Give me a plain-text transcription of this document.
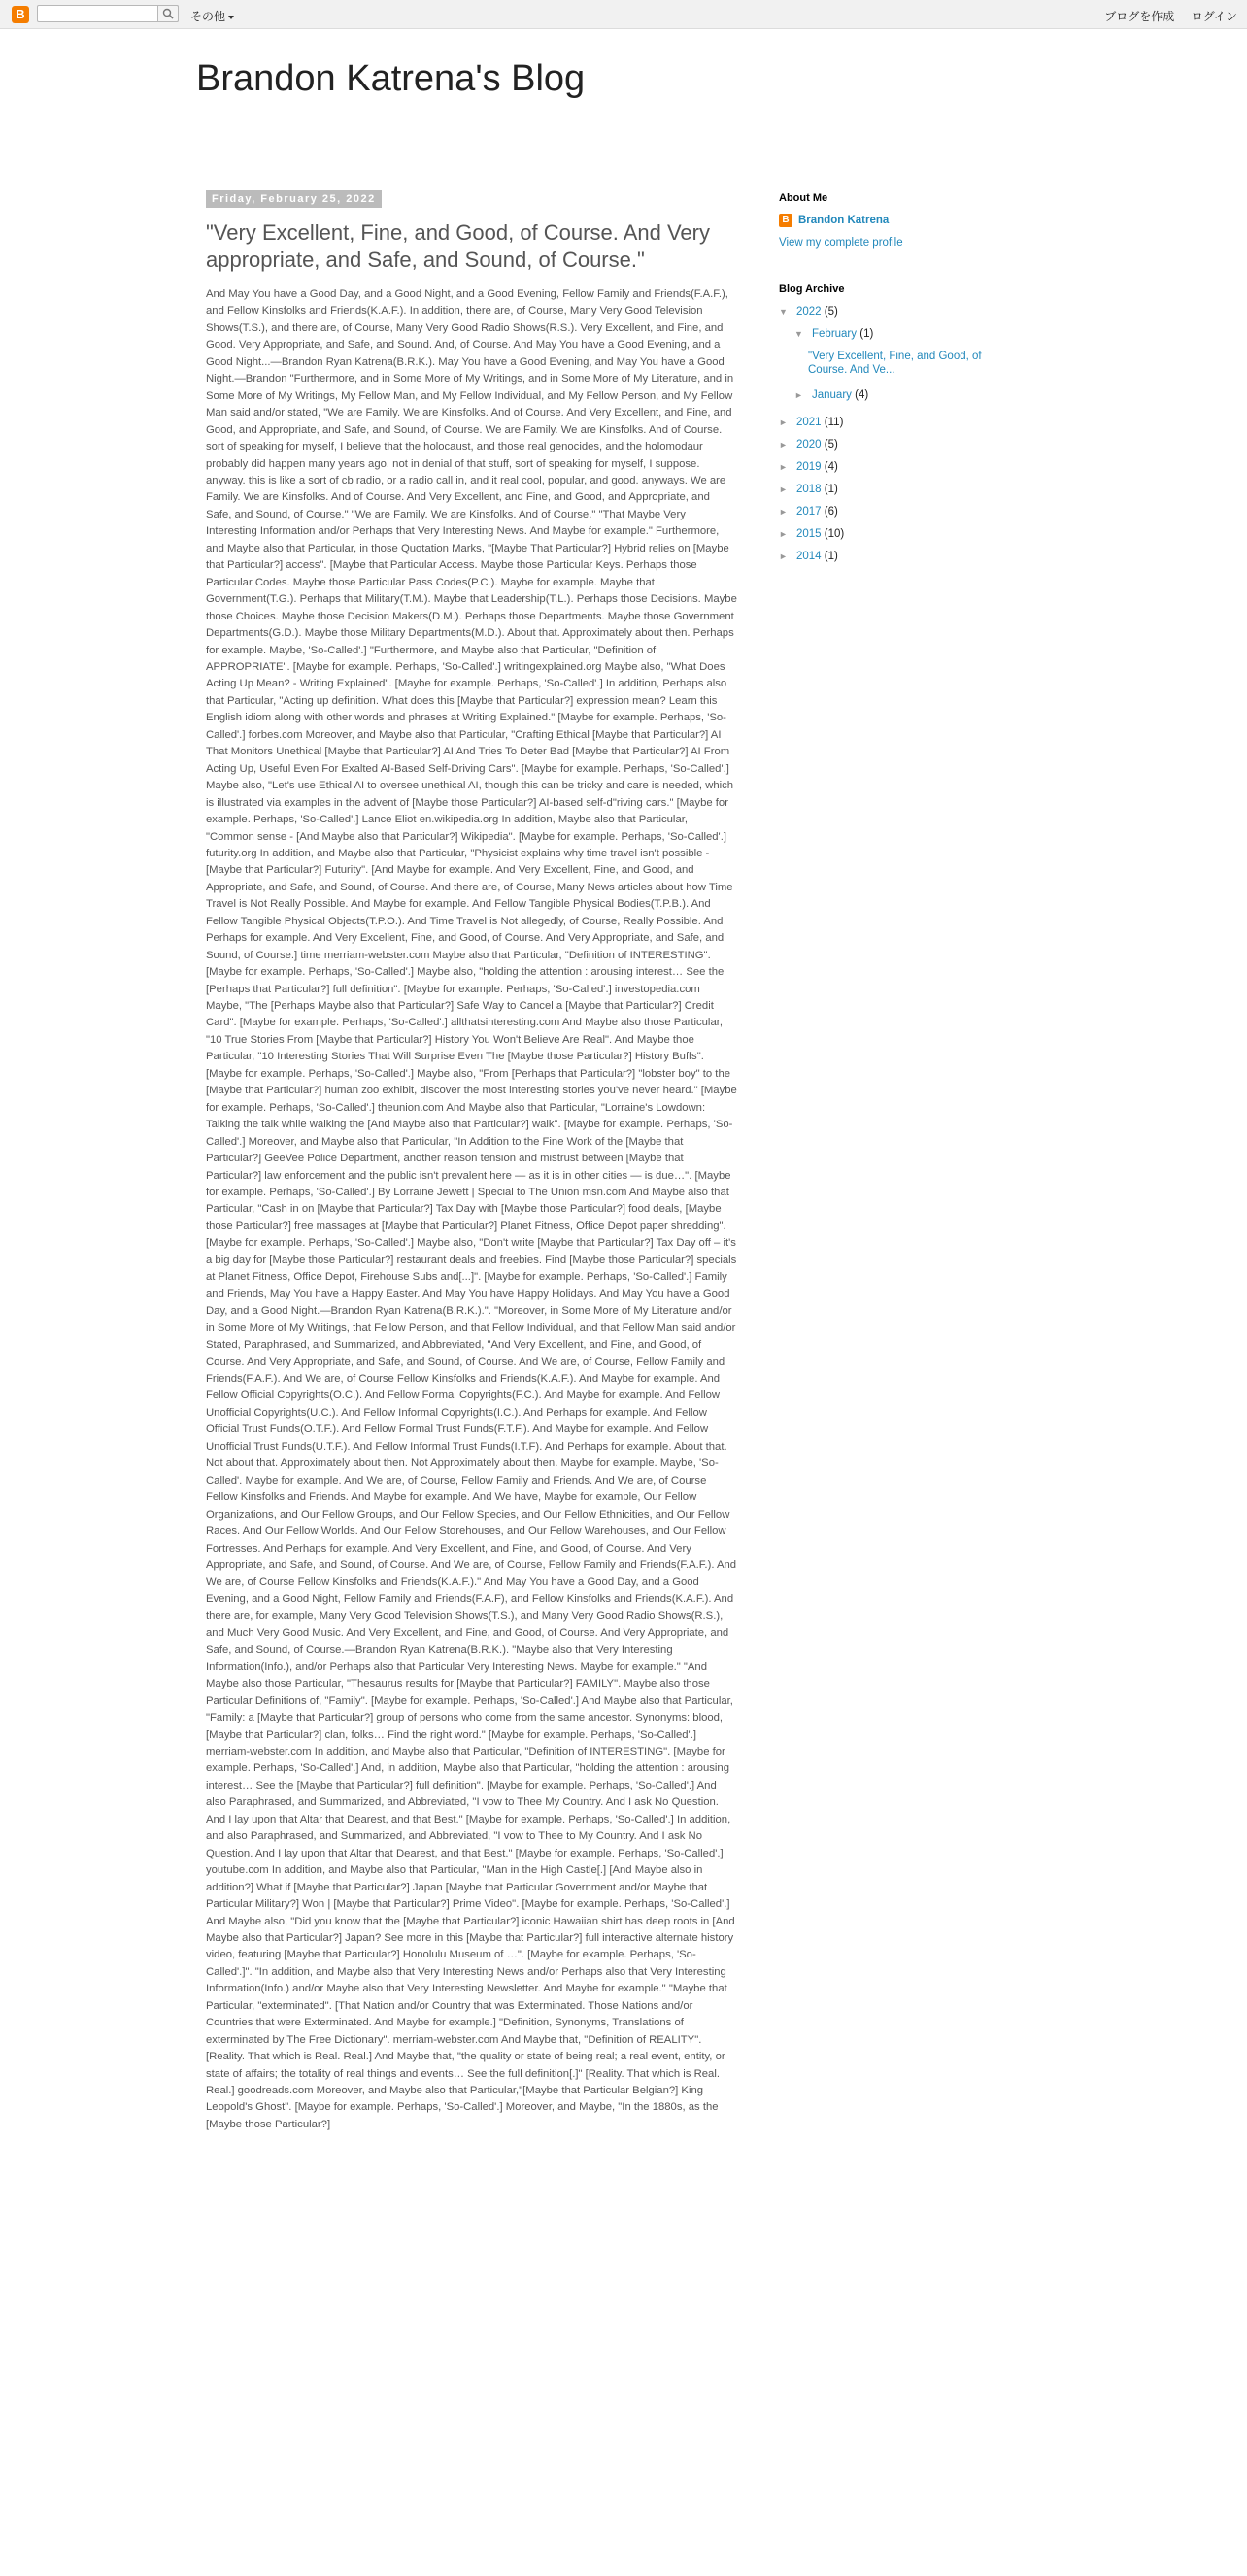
B	その他	ブログを作成 ログイン
Brandon Katrena's Blog
Friday, February 25, 2022
"Very Excellent, Fine, and Good, of Course. And Very appropriate, and Safe, and Sound, of Course."
And May You have a Good Day, and a Good Night, and a Good Evening, Fellow Family and Friends(F.A.F.), and Fellow Kinsfolks and Friends(K.A.F.). In addition, there are, of Course, Many Very Good Television Shows(T.S.), and there are, of Course, Many Very Good Radio Shows(R.S.). Very Excellent, and Fine, and Good. Very Appropriate, and Safe, and Sound. And, of Course. And May You have a Good Evening, and a Good Night...—Brandon Ryan Katrena(B.R.K.). May You have a Good Evening, and May You have a Good Night.—Brandon "Furthermore, and in Some More of My Writings, and in Some More of My Literature, and in Some More of My Writings, My Fellow Man, and My Fellow Individual, and My Fellow Person, and My Fellow Man said and/or stated, "We are Family. We are Kinsfolks. And of Course. And Very Excellent, and Fine, and Good, and Appropriate, and Safe, and Sound, of Course. We are Family. We are Kinsfolks. And of Course. sort of speaking for myself, I believe that the holocaust, and those real genocides, and the holomodaur probably did happen many years ago. not in denial of that stuff, sort of speaking for myself, I suppose. anyway. this is like a sort of cb radio, or a radio call in, and it real cool, popular, and good. anyways. We are Family. We are Kinsfolks. And of Course. And Very Excellent, and Fine, and Good, and Appropriate, and Safe, and Sound, of Course." "We are Family. We are Kinsfolks. And of Course." "That Maybe Very Interesting Information and/or Perhaps that Very Interesting News. And Maybe for example." Furthermore, and Maybe also that Particular, in those Quotation Marks, "[Maybe That Particular?] Hybrid relies on [Maybe that Particular?] access". [Maybe that Particular Access. Maybe those Particular Keys. Perhaps those Particular Codes. Maybe those Particular Pass Codes(P.C.). Maybe for example. Maybe that Government(T.G.). Perhaps that Military(T.M.). Maybe that Leadership(T.L.). Perhaps those Decisions. Maybe those Choices. Maybe those Decision Makers(D.M.). Perhaps those Departments. Maybe those Government Departments(G.D.). Maybe those Military Departments(M.D.). About that. Approximately about then. Perhaps for example. Maybe, 'So-Called'.] "Furthermore, and Maybe also that Particular, "Definition of APPROPRIATE". [Maybe for example. Perhaps, 'So-Called'.] writingexplained.org Maybe also, "What Does Acting Up Mean? - Writing Explained". [Maybe for example. Perhaps, 'So-Called'.] In addition, Perhaps also that Particular, "Acting up definition. What does this [Maybe that Particular?] expression mean? Learn this English idiom along with other words and phrases at Writing Explained." [Maybe for example. Perhaps, 'So-Called'.] forbes.com Moreover, and Maybe also that Particular, "Crafting Ethical [Maybe that Particular?] AI That Monitors Unethical [Maybe that Particular?] AI And Tries To Deter Bad [Maybe that Particular?] AI From Acting Up, Useful Even For Exalted AI-Based Self-Driving Cars". [Maybe for example. Perhaps, 'So-Called'.] Maybe also, "Let's use Ethical AI to oversee unethical AI, though this can be tricky and care is needed, which is illustrated via examples in the advent of [Maybe those Particular?] AI-based self-d"riving cars." [Maybe for example. Perhaps, 'So-Called'.] Lance Eliot en.wikipedia.org In addition, Maybe also that Particular, "Common sense - [And Maybe also that Particular?] Wikipedia". [Maybe for example. Perhaps, 'So-Called'.] futurity.org In addition, and Maybe also that Particular, "Physicist explains why time travel isn't possible - [Maybe that Particular?] Futurity". [And Maybe for example. And Very Excellent, Fine, and Good, and Appropriate, and Safe, and Sound, of Course. And there are, of Course, Many News articles about how Time Travel is Not Really Possible. And Maybe for example. And Fellow Tangible Physical Bodies(T.P.B.). And Fellow Tangible Physical Objects(T.P.O.). And Time Travel is Not allegedly, of Course, Really Possible. And Perhaps for example. And Very Excellent, Fine, and Good, of Course. And Very Appropriate, and Safe, and Sound, of Course.] time merriam-webster.com Maybe also that Particular, "Definition of INTERESTING". [Maybe for example. Perhaps, 'So-Called'.] Maybe also, "holding the attention : arousing interest… See the [Perhaps that Particular?] full definition". [Maybe for example. Perhaps, 'So-Called'.] investopedia.com Maybe, "The [Perhaps Maybe also that Particular?] Safe Way to Cancel a [Maybe that Particular?] Credit Card". [Maybe for example. Perhaps, 'So-Called'.] allthatsinteresting.com And Maybe also those Particular, "10 True Stories From [Maybe that Particular?] History You Won't Believe Are Real". And Maybe thoe Particular, "10 Interesting Stories That Will Surprise Even The [Maybe those Particular?] History Buffs". [Maybe for example. Perhaps, 'So-Called'.] Maybe also, "From [Perhaps that Particular?] "lobster boy" to the [Maybe that Particular?] human zoo exhibit, discover the most interesting stories you've never heard." [Maybe for example. Perhaps, 'So-Called'.] theunion.com And Maybe also that Particular, "Lorraine's Lowdown: Talking the talk while walking the [And Maybe also that Particular?] walk". [Maybe for example. Perhaps, 'So-Called'.] Moreover, and Maybe also that Particular, "In Addition to the Fine Work of the [Maybe that Particular?] GeeVee Police Department, another reason tension and mistrust between [Maybe that Particular?] law enforcement and the public isn't prevalent here — as it is in other cities — is due…". [Maybe for example. Perhaps, 'So-Called'.] By Lorraine Jewett | Special to The Union msn.com And Maybe also that Particular, "Cash in on [Maybe that Particular?] Tax Day with [Maybe those Particular?] food deals, [Maybe those Particular?] free massages at [Maybe that Particular?] Planet Fitness, Office Depot paper shredding". [Maybe for example. Perhaps, 'So-Called'.] Maybe also, "Don't write [Maybe that Particular?] Tax Day off – it's a big day for [Maybe those Particular?] restaurant deals and freebies. Find [Maybe those Particular?] specials at Planet Fitness, Office Depot, Firehouse Subs and[...]". [Maybe for example. Perhaps, 'So-Called'.] Family and Friends, May You have a Happy Easter. And May You have Happy Holidays. And May You have a Good Day, and a Good Night.—Brandon Ryan Katrena(B.R.K.).". "Moreover, in Some More of My Literature and/or in Some More of My Writings, that Fellow Person, and that Fellow Individual, and that Fellow Man said and/or Stated, Paraphrased, and Summarized, and Abbreviated, "And Very Excellent, and Fine, and Good, of Course. And Very Appropriate, and Safe, and Sound, of Course. And We are, of Course, Fellow Family and Friends(F.A.F.). And We are, of Course Fellow Kinsfolks and Friends(K.A.F.). And Maybe for example. And Fellow Official Copyrights(O.C.). And Fellow Formal Copyrights(F.C.). And Maybe for example. And Fellow Unofficial Copyrights(U.C.). And Fellow Informal Copyrights(I.C.). And Perhaps for example. And Fellow Official Trust Funds(O.T.F.). And Fellow Formal Trust Funds(F.T.F.). And Maybe for example. And Fellow Unofficial Trust Funds(U.T.F.). And Fellow Informal Trust Funds(I.T.F). And Perhaps for example. About that. Not about that. Approximately about then. Not Approximately about then. Maybe for example. Maybe, 'So-Called'. Maybe for example. And We are, of Course, Fellow Family and Friends. And We are, of Course Fellow Kinsfolks and Friends. And Maybe for example. And We have, Maybe for example, Our Fellow Organizations, and Our Fellow Groups, and Our Fellow Species, and Our Fellow Ethnicities, and Our Fellow Races. And Our Fellow Worlds. And Our Fellow Storehouses, and Our Fellow Warehouses, and Our Fellow Fortresses. And Perhaps for example. And Very Excellent, and Fine, and Good, of Course. And Very Appropriate, and Safe, and Sound, of Course. And We are, of Course, Fellow Family and Friends(F.A.F.). And We are, of Course Fellow Kinsfolks and Friends(K.A.F.)." And May You have a Good Day, and a Good Evening, and a Good Night, Fellow Family and Friends(F.A.F), and Fellow Kinsfolks and Friends(K.A.F.). And there are, for example, Many Very Good Television Shows(T.S.), and Many Very Good Radio Shows(R.S.), and Much Very Good Music. And Very Excellent, and Fine, and Good, of Course. And Very Appropriate, and Safe, and Sound, of Course.—Brandon Ryan Katrena(B.R.K.). "Maybe also that Very Interesting Information(Info.), and/or Perhaps also that Particular Very Interesting News. Maybe for example." "And Maybe also those Particular, "Thesaurus results for [Maybe that Particular?] FAMILY". Maybe also those Particular Definitions of, "Family". [Maybe for example. Perhaps, 'So-Called'.] And Maybe also that Particular, "Family: a [Maybe that Particular?] group of persons who come from the same ancestor. Synonyms: blood, [Maybe that Particular?] clan, folks… Find the right word." [Maybe for example. Perhaps, 'So-Called'.] merriam-webster.com In addition, and Maybe also that Particular, "Definition of INTERESTING". [Maybe for example. Perhaps, 'So-Called'.] And, in addition, Maybe also that Particular, "holding the attention : arousing interest… See the [Maybe that Particular?] full definition". [Maybe for example. Perhaps, 'So-Called'.] And also Paraphrased, and Summarized, and Abbreviated, "I vow to Thee My Country. And I ask No Question. And I lay upon that Altar that Dearest, and that Best." [Maybe for example. Perhaps, 'So-Called'.] In addition, and also Paraphrased, and Summarized, and Abbreviated, "I vow to Thee to My Country. And I ask No Question. And I lay upon that Altar that Dearest, and that Best." [Maybe for example. Perhaps, 'So-Called'.] youtube.com In addition, and Maybe also that Particular, "Man in the High Castle[.] [And Maybe also in addition?] What if [Maybe that Particular?] Japan [Maybe that Particular Government and/or Maybe that Particular Military?] Won | [Maybe that Particular?] Prime Video". [Maybe for example. Perhaps, 'So-Called'.] And Maybe also, "Did you know that the [Maybe that Particular?] iconic Hawaiian shirt has deep roots in [And Maybe also that Particular?] Japan? See more in this [Maybe that Particular?] full interactive alternate history video, featuring [Maybe that Particular?] Honolulu Museum of …". [Maybe for example. Perhaps, 'So-Called'.]". "In addition, and Maybe also that Very Interesting News and/or Perhaps also that Very Interesting Information(Info.) and/or Maybe also that Very Interesting Newsletter. And Maybe for example." "Maybe that Particular, "exterminated". [That Nation and/or Country that was Exterminated. Those Nations and/or Countries that were Exterminated. And Maybe for example.] "Definition, Synonyms, Translations of exterminated by The Free Dictionary". merriam-webster.com And Maybe that, "Definition of REALITY". [Reality. That which is Real. Real.] And Maybe that, "the quality or state of being real; a real event, entity, or state of affairs; the totality of real things and events… See the full definition[.]" [Reality. That which is Real. Real.] goodreads.com Moreover, and Maybe also that Particular,"[Maybe that Particular Belgian?] King Leopold's Ghost". [Maybe for example. Perhaps, 'So-Called'.] Moreover, and Maybe, "In the 1880s, as the [Maybe those Particular?]
About Me
B Brandon Katrena
View my complete profile
Blog Archive
▼ 2022 (5)
▼ February (1)
"Very Excellent, Fine, and Good, of Course. And Ve...
► January (4)
► 2021 (11)
► 2020 (5)
► 2019 (4)
► 2018 (1)
► 2017 (6)
► 2015 (10)
► 2014 (1)
